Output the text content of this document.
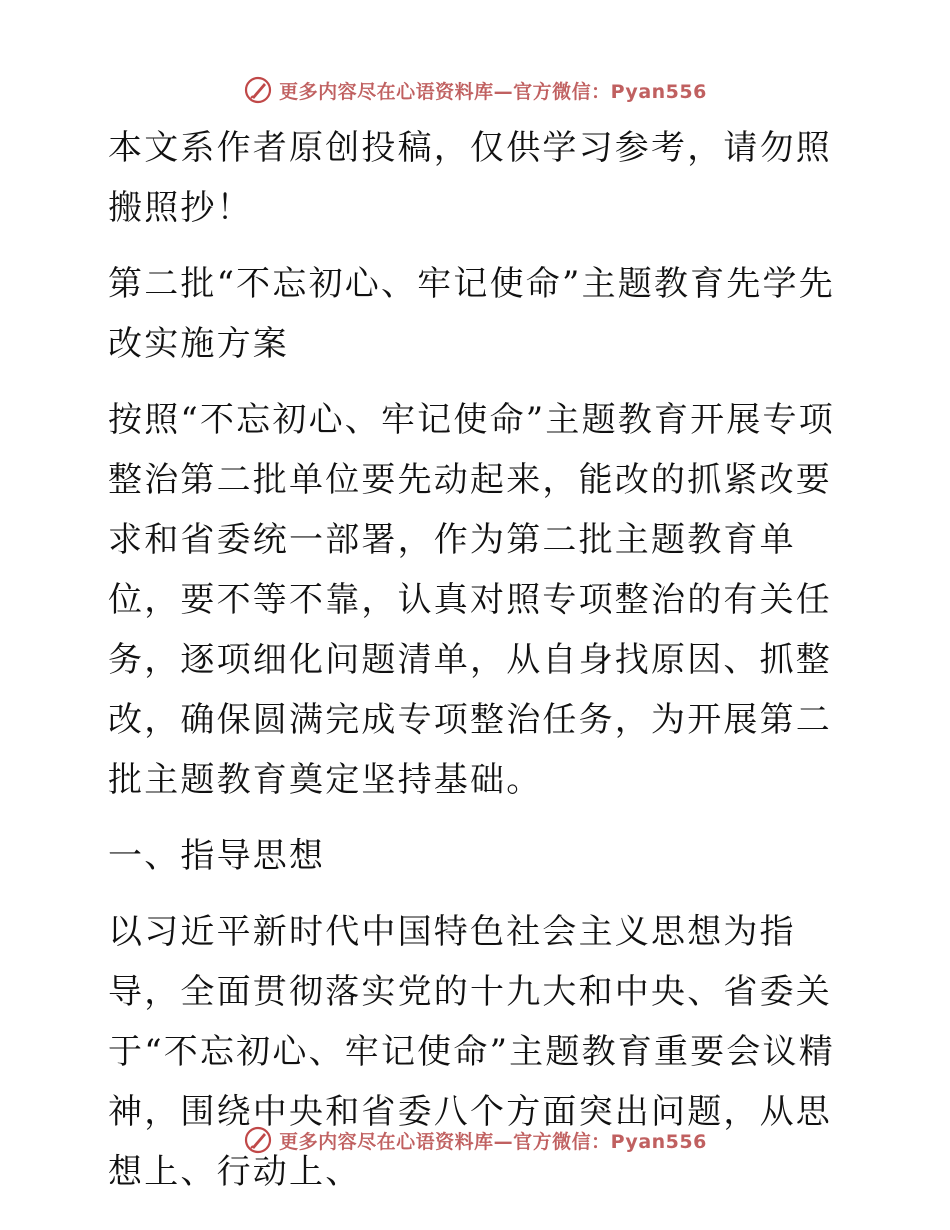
更多内容尽在心语资料库—官方微信：Pyan556

本文系作者原创投稿，仅供学习参考，请勿照搬照抄！

第二批“不忘初心、牢记使命”主题教育先学先改实施方案

按照“不忘初心、牢记使命”主题教育开展专项整治第二批单位要先动起来，能改的抓紧改要求和省委统一部署，作为第二批主题教育单位，要不等不靠，认真对照专项整治的有关任务，逐项细化问题清单，从自身找原因、抓整改，确保圆满完成专项整治任务，为开展第二批主题教育奠定坚持基础。

一、指导思想

以习近平新时代中国特色社会主义思想为指导，全面贯彻落实党的十九大和中央、省委关于“不忘初心、牢记使命”主题教育重要会议精神，围绕中央和省委八个方面突出问题，从思想上、行动上、

更多内容尽在心语资料库—官方微信：Pyan556
